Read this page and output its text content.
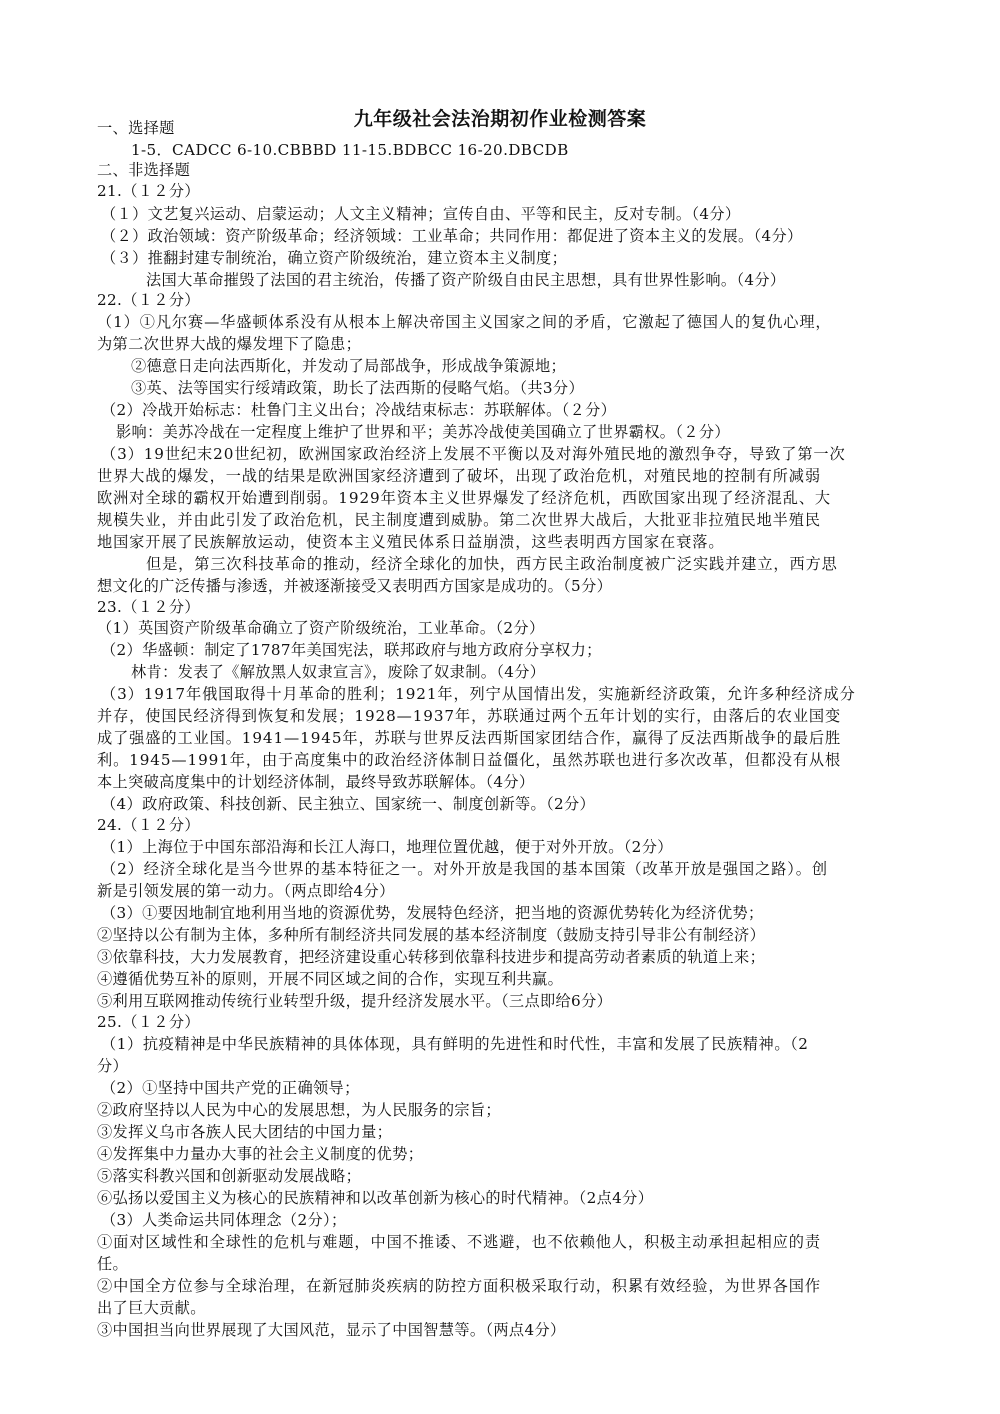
九年级社会法治期初作业检测答案
一、选择题
1-5．CADCC 6-10.CBBBD 11-15.BDBCC 16-20.DBCDB
二、非选择题
21.（１２分）
（１）文艺复兴运动、启蒙运动；人文主义精神；宣传自由、平等和民主，反对专制。（4分）
（２）政治领域：资产阶级革命；经济领域：工业革命；共同作用：都促进了资本主义的发展。（4分）
（３）推翻封建专制统治，确立资产阶级统治，建立资本主义制度；
法国大革命摧毁了法国的君主统治，传播了资产阶级自由民主思想，具有世界性影响。（4分）
22.（１２分）
（1）①凡尔赛—华盛顿体系没有从根本上解决帝国主义国家之间的矛盾，它激起了德国人的复仇心理，
为第二次世界大战的爆发埋下了隐患；
②德意日走向法西斯化，并发动了局部战争，形成战争策源地；
③英、法等国实行绥靖政策，助长了法西斯的侵略气焰。（共3分）
（2）冷战开始标志：杜鲁门主义出台；冷战结束标志：苏联解体。（２分）
影响：美苏冷战在一定程度上维护了世界和平；美苏冷战使美国确立了世界霸权。（２分）
（3）19世纪末20世纪初，欧洲国家政治经济上发展不平衡以及对海外殖民地的激烈争夺，导致了第一次
世界大战的爆发，一战的结果是欧洲国家经济遭到了破坏，出现了政治危机，对殖民地的控制有所减弱
欧洲对全球的霸权开始遭到削弱。1929年资本主义世界爆发了经济危机，西欧国家出现了经济混乱、大
规模失业，并由此引发了政治危机，民主制度遭到威胁。第二次世界大战后，大批亚非拉殖民地半殖民
地国家开展了民族解放运动，使资本主义殖民体系日益崩溃，这些表明西方国家在衰落。
但是，第三次科技革命的推动，经济全球化的加快，西方民主政治制度被广泛实践并建立，西方思
想文化的广泛传播与渗透，并被逐渐接受又表明西方国家是成功的。（5分）
23.（１２分）
（1）英国资产阶级革命确立了资产阶级统治，工业革命。（2分）
（2）华盛顿：制定了1787年美国宪法，联邦政府与地方政府分享权力；
林肯：发表了《解放黑人奴隶宣言》，废除了奴隶制。（4分）
（3）1917年俄国取得十月革命的胜利；1921年，列宁从国情出发，实施新经济政策，允许多种经济成分
并存，使国民经济得到恢复和发展；1928—1937年，苏联通过两个五年计划的实行，由落后的农业国变
成了强盛的工业国。1941—1945年，苏联与世界反法西斯国家团结合作，赢得了反法西斯战争的最后胜
利。1945—1991年，由于高度集中的政治经济体制日益僵化，虽然苏联也进行多次改革，但都没有从根
本上突破高度集中的计划经济体制，最终导致苏联解体。（4分）
（4）政府政策、科技创新、民主独立、国家统一、制度创新等。（2分）
24.（１２分）
（1）上海位于中国东部沿海和长江人海口，地理位置优越，便于对外开放。（2分）
（2）经济全球化是当今世界的基本特征之一。对外开放是我国的基本国策（改革开放是强国之路）。创
新是引领发展的第一动力。（两点即给4分）
（3）①要因地制宜地利用当地的资源优势，发展特色经济，把当地的资源优势转化为经济优势；
②坚持以公有制为主体，多种所有制经济共同发展的基本经济制度（鼓励支持引导非公有制经济）
③依靠科技，大力发展教育，把经济建设重心转移到依靠科技进步和提高劳动者素质的轨道上来；
④遵循优势互补的原则，开展不同区域之间的合作，实现互利共赢。
⑤利用互联网推动传统行业转型升级，提升经济发展水平。（三点即给6分）
25.（１２分）
（1）抗疫精神是中华民族精神的具体体现，具有鲜明的先进性和时代性，丰富和发展了民族精神。（2
分）
（2）①坚持中国共产党的正确领导；
②政府坚持以人民为中心的发展思想，为人民服务的宗旨；
③发挥义乌市各族人民大团结的中国力量；
④发挥集中力量办大事的社会主义制度的优势；
⑤落实科教兴国和创新驱动发展战略；
⑥弘扬以爱国主义为核心的民族精神和以改革创新为核心的时代精神。（2点4分）
（3）人类命运共同体理念（2分）；
①面对区域性和全球性的危机与难题，中国不推诿、不逃避，也不依赖他人，积极主动承担起相应的责
任。
②中国全方位参与全球治理，在新冠肺炎疾病的防控方面积极采取行动，积累有效经验，为世界各国作
出了巨大贡献。
③中国担当向世界展现了大国风范，显示了中国智慧等。（两点4分）
